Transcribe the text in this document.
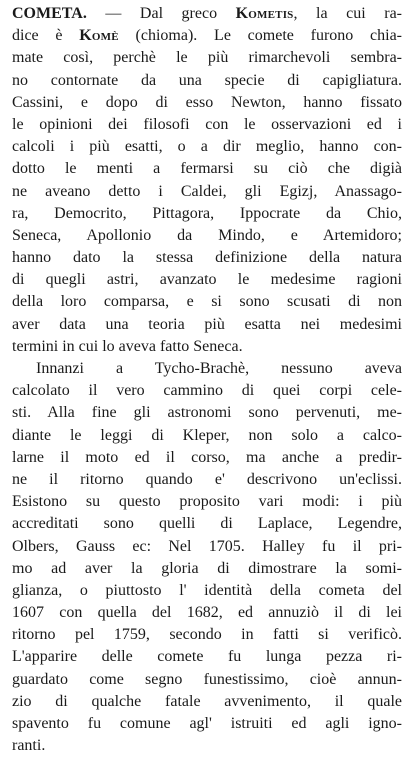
COMETA. — Dal greco Kometis, la cui ra-
dice è Komè (chioma). Le comete furono chia-
mate così, perchè le più rimarchevoli sembra-
no contornate da una specie di capigliatura.
Cassini, e dopo di esso Newton, hanno fissato
le opinioni dei filosofi con le osservazioni ed i
calcoli i più esatti, o a dir meglio, hanno con-
dotto le menti a fermarsi su ciò che digià
ne aveano detto i Caldei, gli Egizj, Anassago-
ra, Democrito, Pittagora, Ippocrate da Chio,
Seneca, Apollonio da Mindo, e Artemidoro;
hanno dato la stessa definizione della natura
di quegli astri, avanzato le medesime ragioni
della loro comparsa, e si sono scusati di non
aver data una teoria più esatta nei medesimi
termini in cui lo aveva fatto Seneca.
Innanzi a Tycho-Brachè, nessuno aveva
calcolato il vero cammino di quei corpi cele-
sti. Alla fine gli astronomi sono pervenuti, me-
diante le leggi di Kleper, non solo a calco-
larne il moto ed il corso, ma anche a predir-
ne il ritorno quando e' descrivono un'eclissi.
Esistono su questo proposito vari modi: i più
accreditati sono quelli di Laplace, Legendre,
Olbers, Gauss ec: Nel 1705. Halley fu il pri-
mo ad aver la gloria di dimostrare la somi-
glianza, o piuttosto l' identità della cometa del
1607 con quella del 1682, ed annuziò il di lei
ritorno pel 1759, secondo in fatti si verificò.
L'apparire delle comete fu lunga pezza ri-
guardato come segno funestissimo, cioè annun-
zio di qualche fatale avvenimento, il quale
spavento fu comune agl' istruiti ed agli igno-
ranti.
